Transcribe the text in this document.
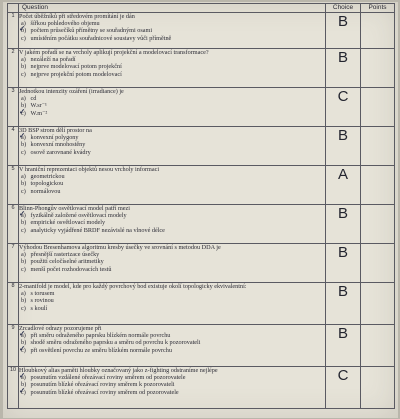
	Question	Choice	Points
1	Počet úběžníků při středovém promítání je dán
a) šířkou pohledového objemu
b) ✓ počtem průsečíků přímětny se souřadnými osami
c) umístěním počátku souřadnicové soustavy vůči přímětně	B	
2	V jakém pořadí se na vrcholy aplikují projekční a modelovací transformace?
a) nezáleží na pořadí
b) nejprve modelovací potom projekční
c) nejprve projekční potom modelovací	B	
3	Jednotkou intenzity ozáření (irradiance) je
a) cd
b) W.sr⁻¹
c) ✓ W.m⁻²	C	
4	3D BSP strom dělí prostor na
a) ✓ konvexní polygony
b) konvexní mnohostěny
c) osově zarovnané kvádry	B	
5	V hraniční reprezentaci objektů nesou vrcholy informaci
a) geometrickou
b) topologickou
c) normálovou	A	
6	Blinn-Phongův osvětlovací model patří mezi
a) ✓ fyzikálně založené osvětlovací modely
b) empirické osvětlovací modely
c) analyticky vyjádřené BRDF nezávislé na vlnové délce	B	
7	Výhodou Bresenhamova algoritmu kresby úsečky ve srovnání s metodou DDA je
a) přesnější rasterizace úsečky
b) použití celočíselné aritmetiky
c) menší počet rozhodovacích testů	B	
8	2-manifold je model, kde pro každý povrchový bod existuje okolí topologicky ekvivalentní:
a) s torusem
b) s rovinou
c) s koulí	B	
9	Zrcadlové odrazy pozorujeme při
a) ✓ při směru odraženého paprsku blízkém normále povrchu
b) shodě směru odraženého paprsku a směru od povrchu k pozorovateli
c) ✓ při osvětlení povrchu ze směru blízkém normále povrchu	B	
10	Hloubkový alias paměti hloubky označovaný jako z-fighting odstraníme nejlépe
a) ✓ posunutím vzdálené ořezávací roviny směrem od pozorovatele
b) posunutím blízké ořezávací roviny směrem k pozorovateli
c) ✓ posunutím blízké ořezávací roviny směrem od pozorovatele	C	
